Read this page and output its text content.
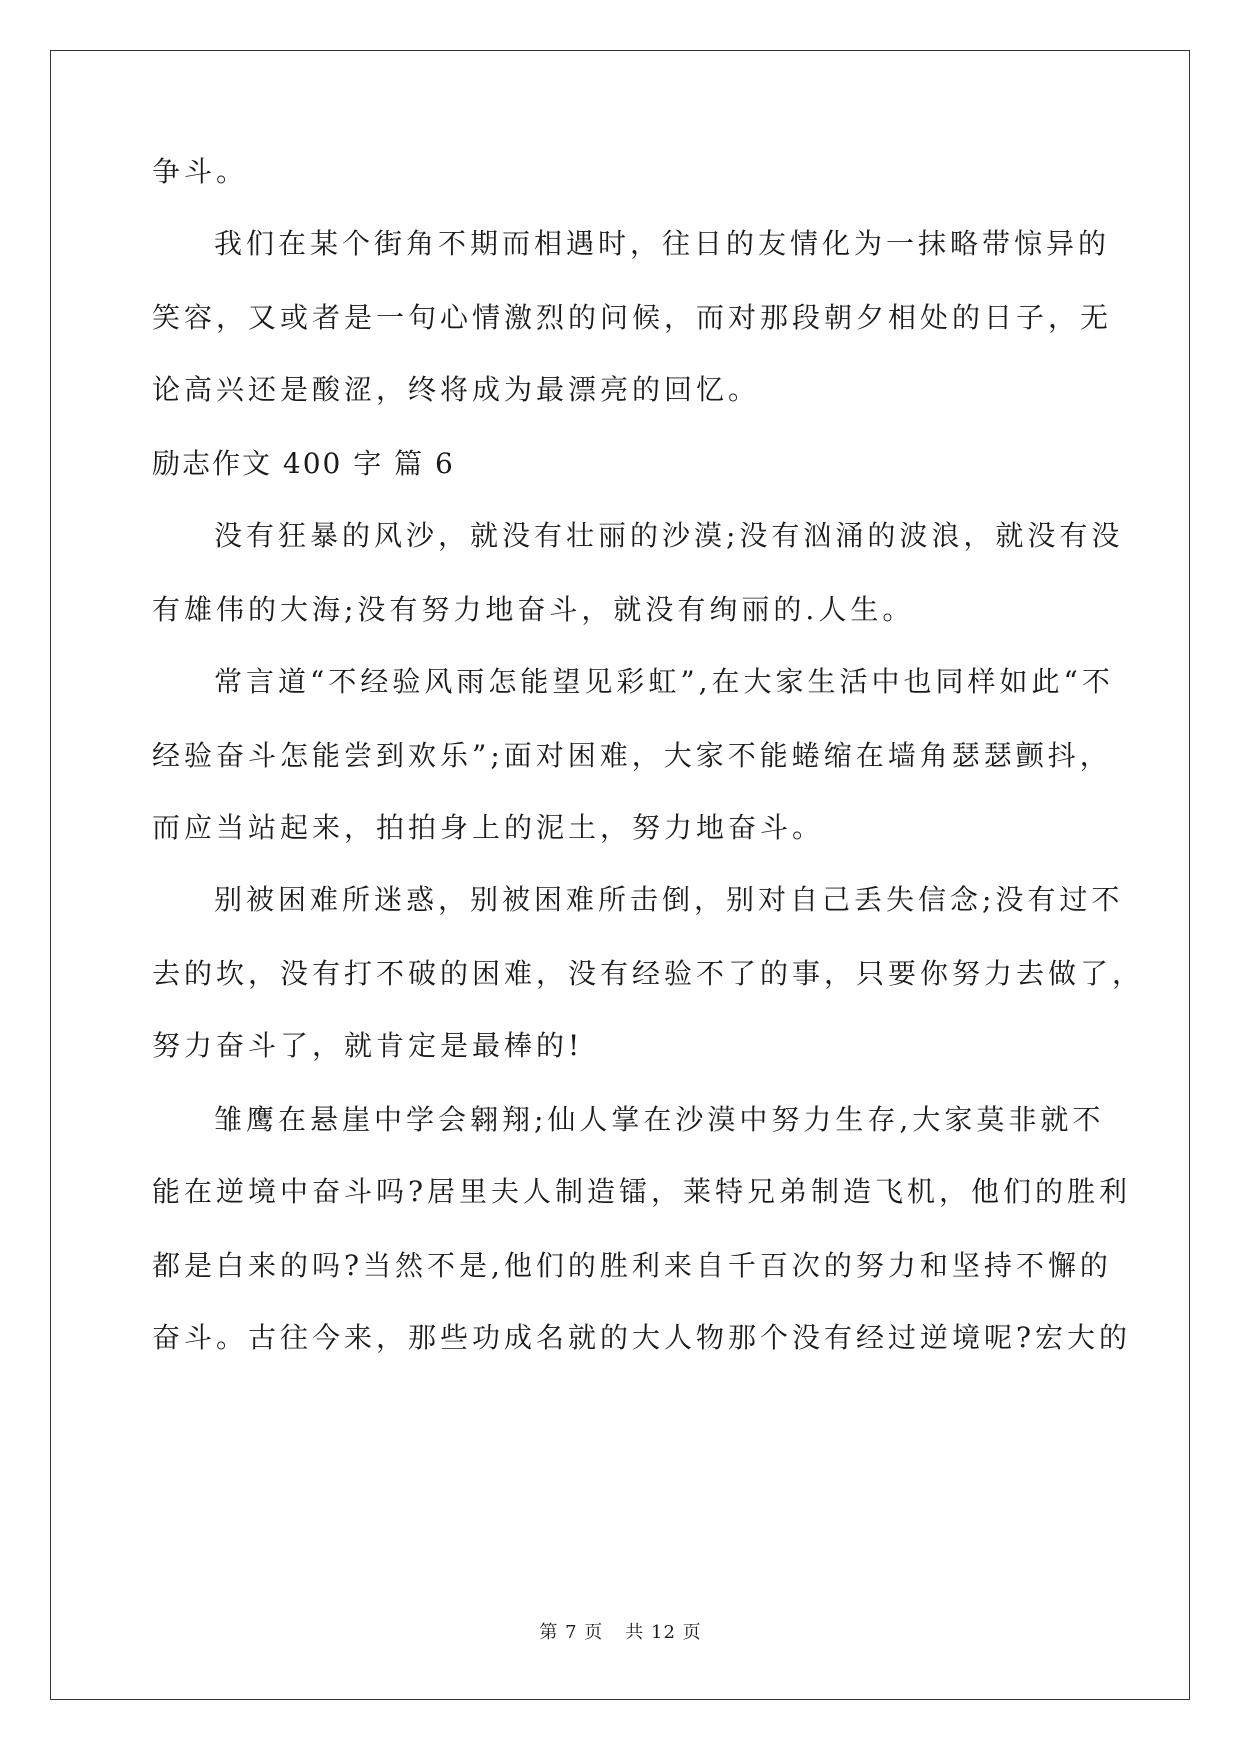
争斗。
我们在某个街角不期而相遇时，往日的友情化为一抹略带惊异的
笑容，又或者是一句心情激烈的问候，而对那段朝夕相处的日子，无
论高兴还是酸涩，终将成为最漂亮的回忆。
励志作文 400 字 篇 6
没有狂暴的风沙，就没有壮丽的沙漠;没有汹涌的波浪，就没有没
有雄伟的大海;没有努力地奋斗，就没有绚丽的.人生。
常言道“不经验风雨怎能望见彩虹”,在大家生活中也同样如此“不
经验奋斗怎能尝到欢乐”;面对困难，大家不能蜷缩在墙角瑟瑟颤抖，
而应当站起来，拍拍身上的泥土，努力地奋斗。
别被困难所迷惑，别被困难所击倒，别对自己丢失信念;没有过不
去的坎，没有打不破的困难，没有经验不了的事，只要你努力去做了，
努力奋斗了，就肯定是最棒的!
雏鹰在悬崖中学会翱翔;仙人掌在沙漠中努力生存,大家莫非就不
能在逆境中奋斗吗?居里夫人制造镭，莱特兄弟制造飞机，他们的胜利
都是白来的吗?当然不是,他们的胜利来自千百次的努力和坚持不懈的
奋斗。古往今来，那些功成名就的大人物那个没有经过逆境呢?宏大的
第 7 页 共 12 页
